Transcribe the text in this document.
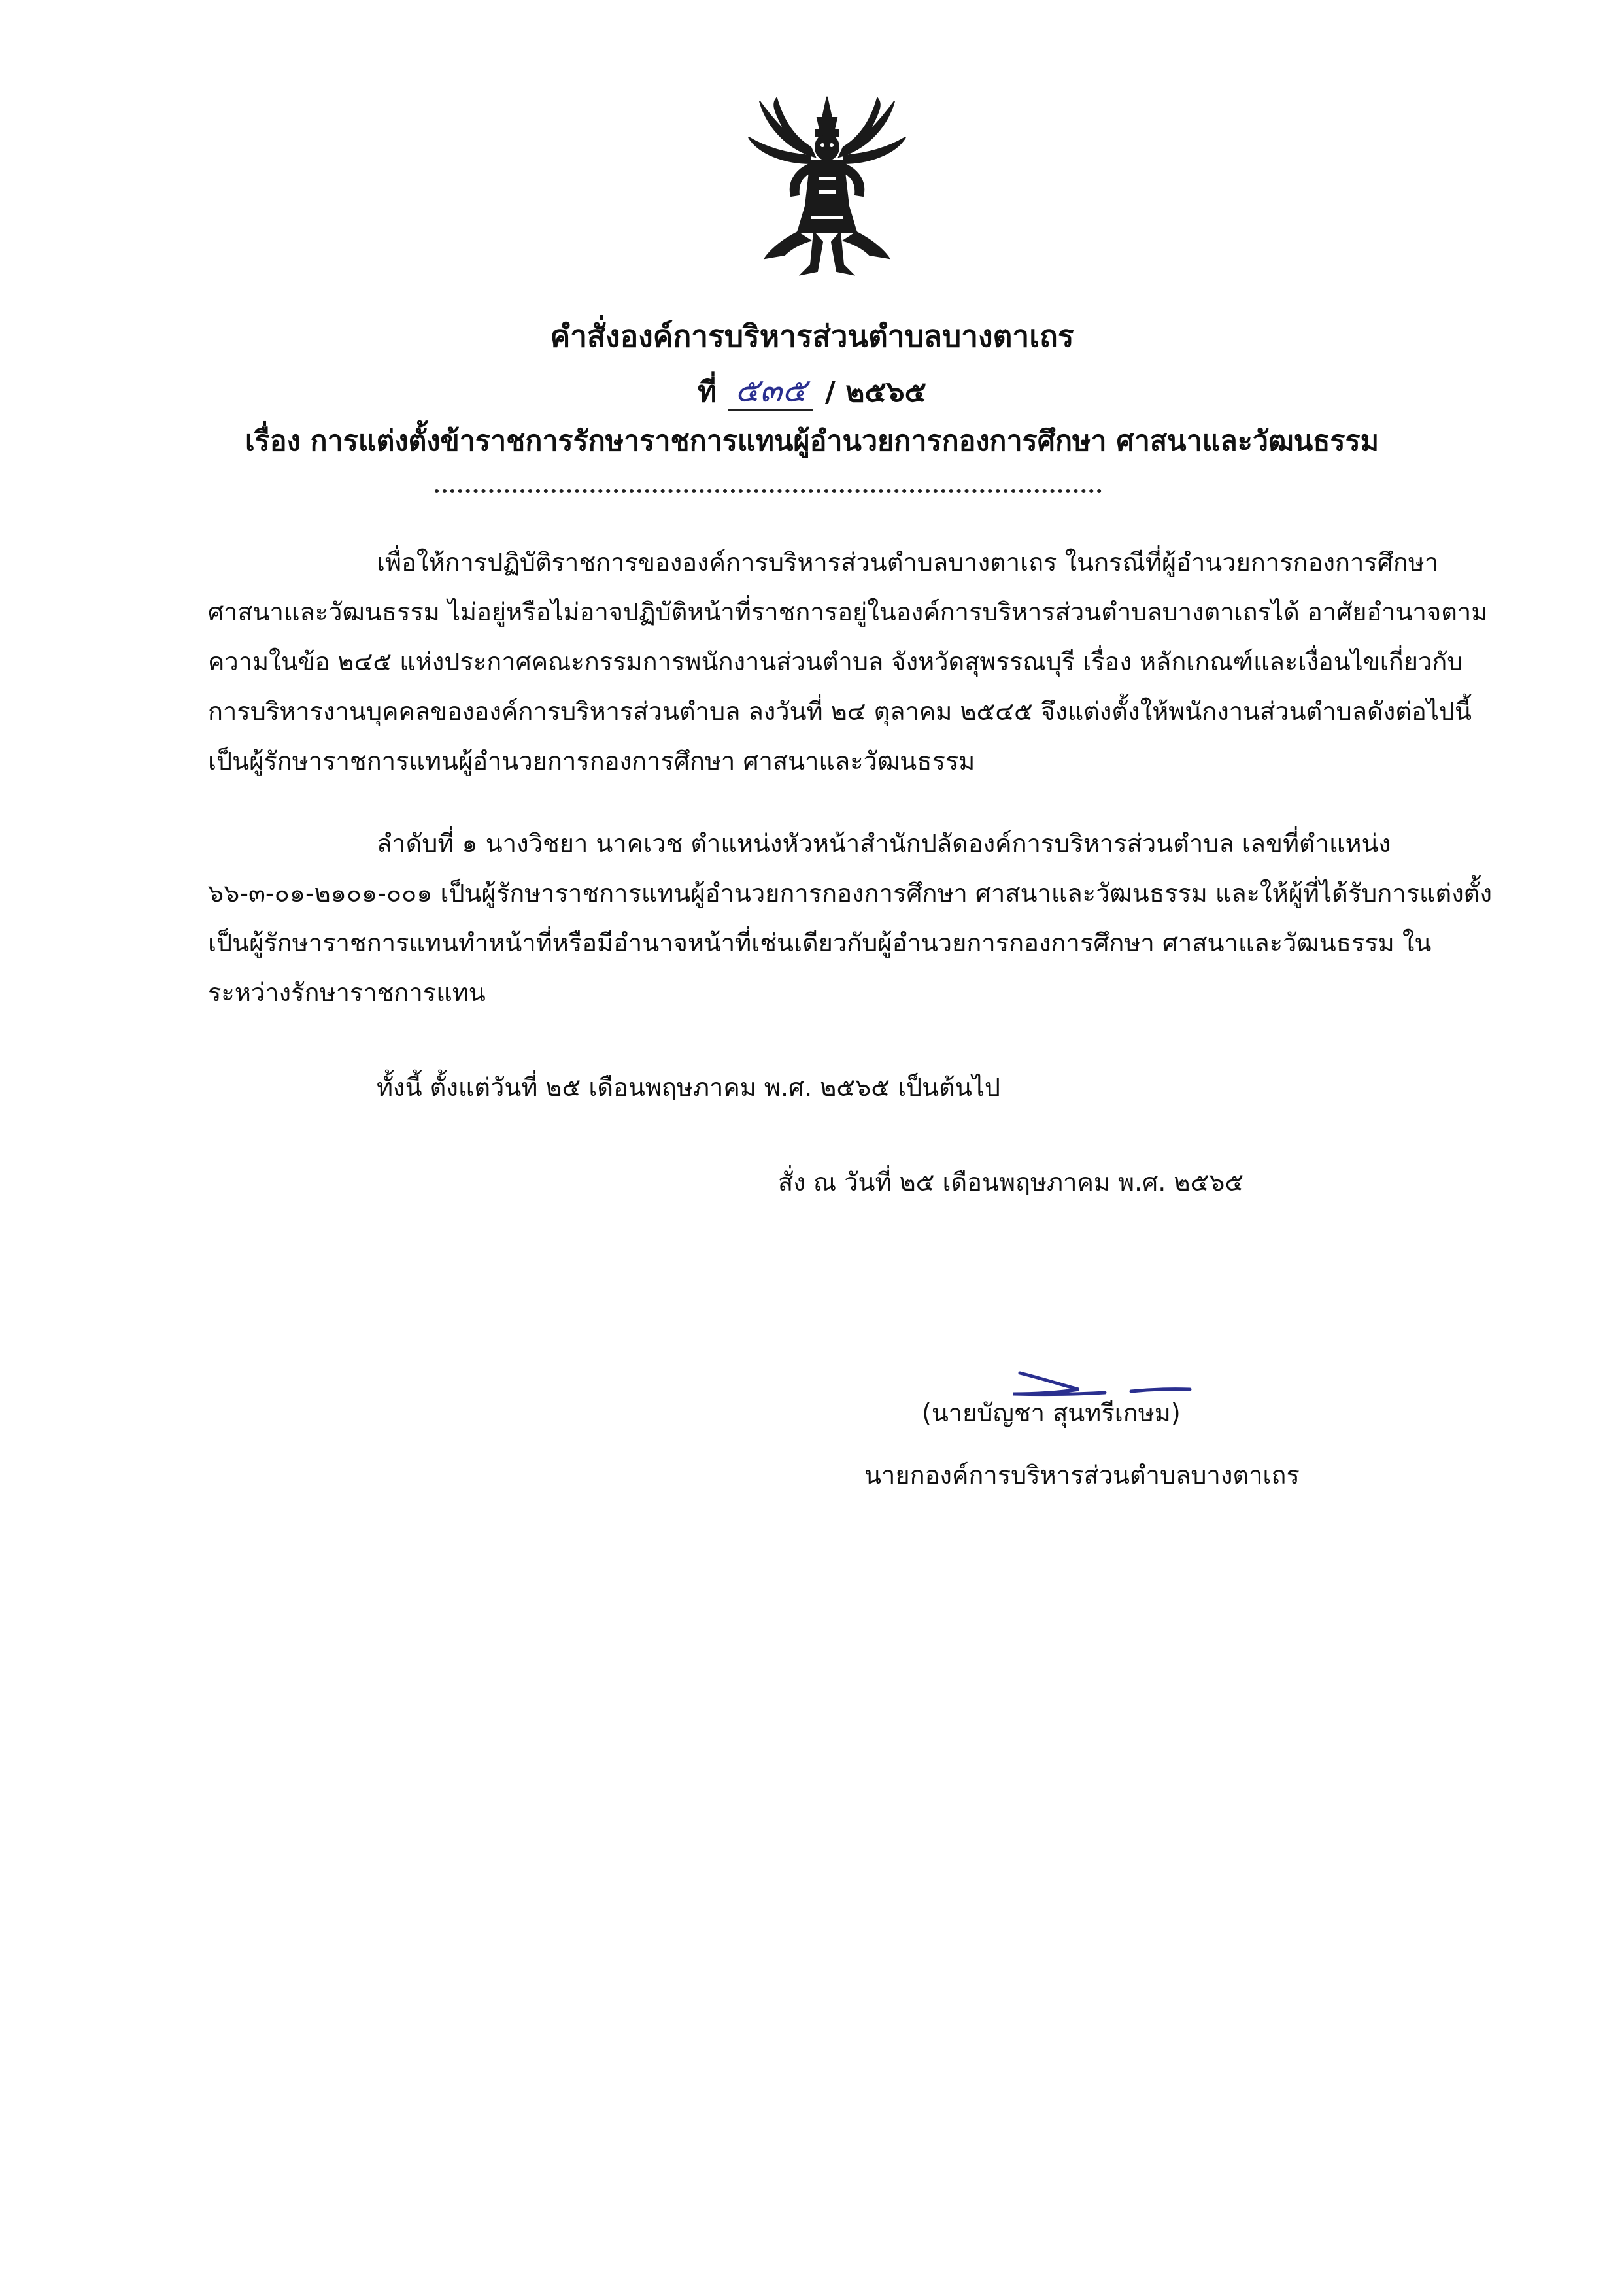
คำสั่งองค์การบริหารส่วนตำบลบางตาเถร
ที่ ๕๓๕ / ๒๕๖๕
เรื่อง การแต่งตั้งข้าราชการรักษาราชการแทนผู้อำนวยการกองการศึกษา ศาสนาและวัฒนธรรม
เพื่อให้การปฏิบัติราชการขององค์การบริหารส่วนตำบลบางตาเถร ในกรณีที่ผู้อำนวยการกองการศึกษา ศาสนาและวัฒนธรรม ไม่อยู่หรือไม่อาจปฏิบัติหน้าที่ราชการอยู่ในองค์การบริหารส่วนตำบลบางตาเถรได้ อาศัยอำนาจตามความในข้อ ๒๔๕ แห่งประกาศคณะกรรมการพนักงานส่วนตำบล จังหวัดสุพรรณบุรี เรื่อง หลักเกณฑ์และเงื่อนไขเกี่ยวกับการบริหารงานบุคคลขององค์การบริหารส่วนตำบล ลงวันที่ ๒๔ ตุลาคม ๒๕๔๕ จึงแต่งตั้งให้พนักงานส่วนตำบลดังต่อไปนี้ เป็นผู้รักษาราชการแทนผู้อำนวยการกองการศึกษา ศาสนาและวัฒนธรรม
ลำดับที่ ๑ นางวิชยา นาคเวช ตำแหน่งหัวหน้าสำนักปลัดองค์การบริหารส่วนตำบล เลขที่ตำแหน่ง ๖๖-๓-๐๑-๒๑๐๑-๐๐๑ เป็นผู้รักษาราชการแทนผู้อำนวยการกองการศึกษา ศาสนาและวัฒนธรรม และให้ผู้ที่ได้รับการแต่งตั้งเป็นผู้รักษาราชการแทนทำหน้าที่หรือมีอำนาจหน้าที่เช่นเดียวกับผู้อำนวยการกองการศึกษา ศาสนาและวัฒนธรรม ในระหว่างรักษาราชการแทน
ทั้งนี้ ตั้งแต่วันที่ ๒๕ เดือนพฤษภาคม พ.ศ. ๒๕๖๕ เป็นต้นไป
สั่ง ณ วันที่ ๒๕ เดือนพฤษภาคม พ.ศ. ๒๕๖๕
(นายบัญชา สุนทรีเกษม)
นายกองค์การบริหารส่วนตำบลบางตาเถร
